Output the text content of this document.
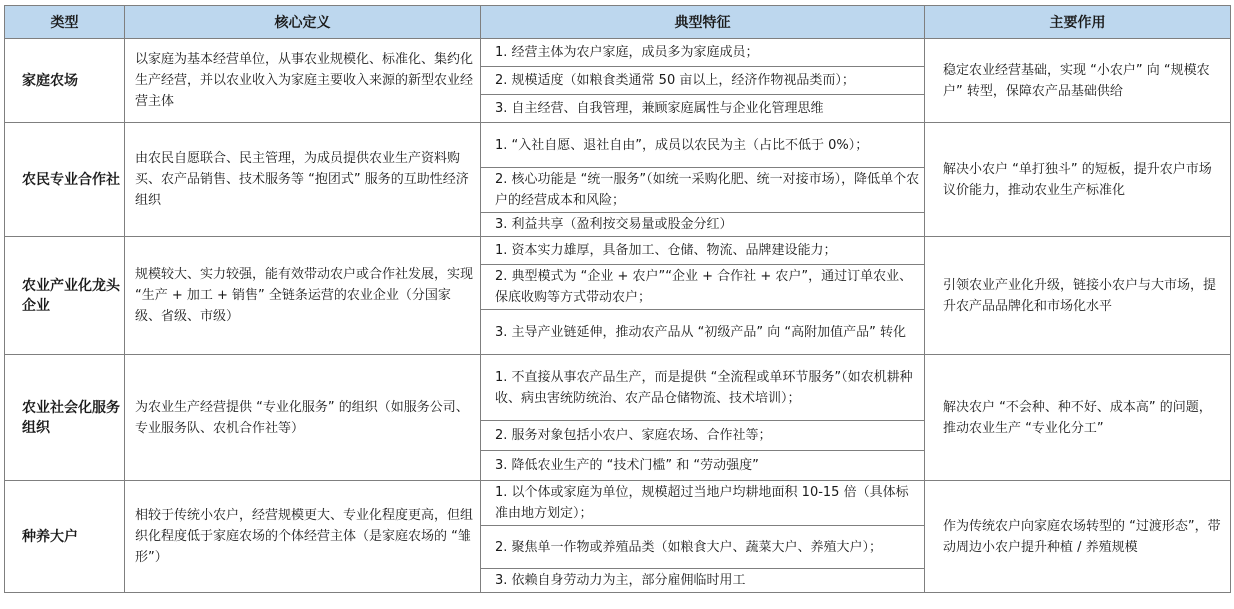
类型	核心定义	典型特征	主要作用
家庭农场	以家庭为基本经营单位，从事农业规模化、标准化、集约化生产经营，并以农业收入为家庭主要收入来源的新型农业经营主体	1. 经营主体为农户家庭，成员多为家庭成员；	稳定农业经营基础，实现 “小农户” 向 “规模农户” 转型，保障农产品基础供给
		2. 规模适度（如粮食类通常 50 亩以上，经济作物视品类而）；	
		3. 自主经营、自我管理，兼顾家庭属性与企业化管理思维	
农民专业合作社	由农民自愿联合、民主管理，为成员提供农业生产资料购买、农产品销售、技术服务等 “抱团式” 服务的互助性经济组织	1. “入社自愿、退社自由”，成员以农民为主（占比不低于 0%）；	解决小农户 “单打独斗” 的短板，提升农户市场议价能力，推动农业生产标准化
		2. 核心功能是 “统一服务”（如统一采购化肥、统一对接市场），降低单个农户的经营成本和风险；	
		3. 利益共享（盈利按交易量或股金分红）	
农业产业化龙头企业	规模较大、实力较强，能有效带动农户或合作社发展，实现 “生产 + 加工 + 销售” 全链条运营的农业企业（分国家级、省级、市级）	1. 资本实力雄厚，具备加工、仓储、物流、品牌建设能力；	引领农业产业化升级，链接小农户与大市场，提升农产品品牌化和市场化水平
		2. 典型模式为 “企业 + 农户”“企业 + 合作社 + 农户”，通过订单农业、保底收购等方式带动农户；	
		3. 主导产业链延伸，推动农产品从 “初级产品” 向 “高附加值产品” 转化	
农业社会化服务组织	为农业生产经营提供 “专业化服务” 的组织（如服务公司、专业服务队、农机合作社等）	1. 不直接从事农产品生产，而是提供 “全流程或单环节服务”（如农机耕种收、病虫害统防统治、农产品仓储物流、技术培训）；	解决农户 “不会种、种不好、成本高” 的问题，推动农业生产 “专业化分工”
		2. 服务对象包括小农户、家庭农场、合作社等；	
		3. 降低农业生产的 “技术门槛” 和 “劳动强度”	
种养大户	相较于传统小农户，经营规模更大、专业化程度更高，但组织化程度低于家庭农场的个体经营主体（是家庭农场的 “雏形”）	1. 以个体或家庭为单位，规模超过当地户均耕地面积 10-15 倍（具体标准由地方划定）；	作为传统农户向家庭农场转型的 “过渡形态”，带动周边小农户提升种植 / 养殖规模
		2. 聚焦单一作物或养殖品类（如粮食大户、蔬菜大户、养殖大户）；	
		3. 依赖自身劳动力为主，部分雇佣临时用工	
